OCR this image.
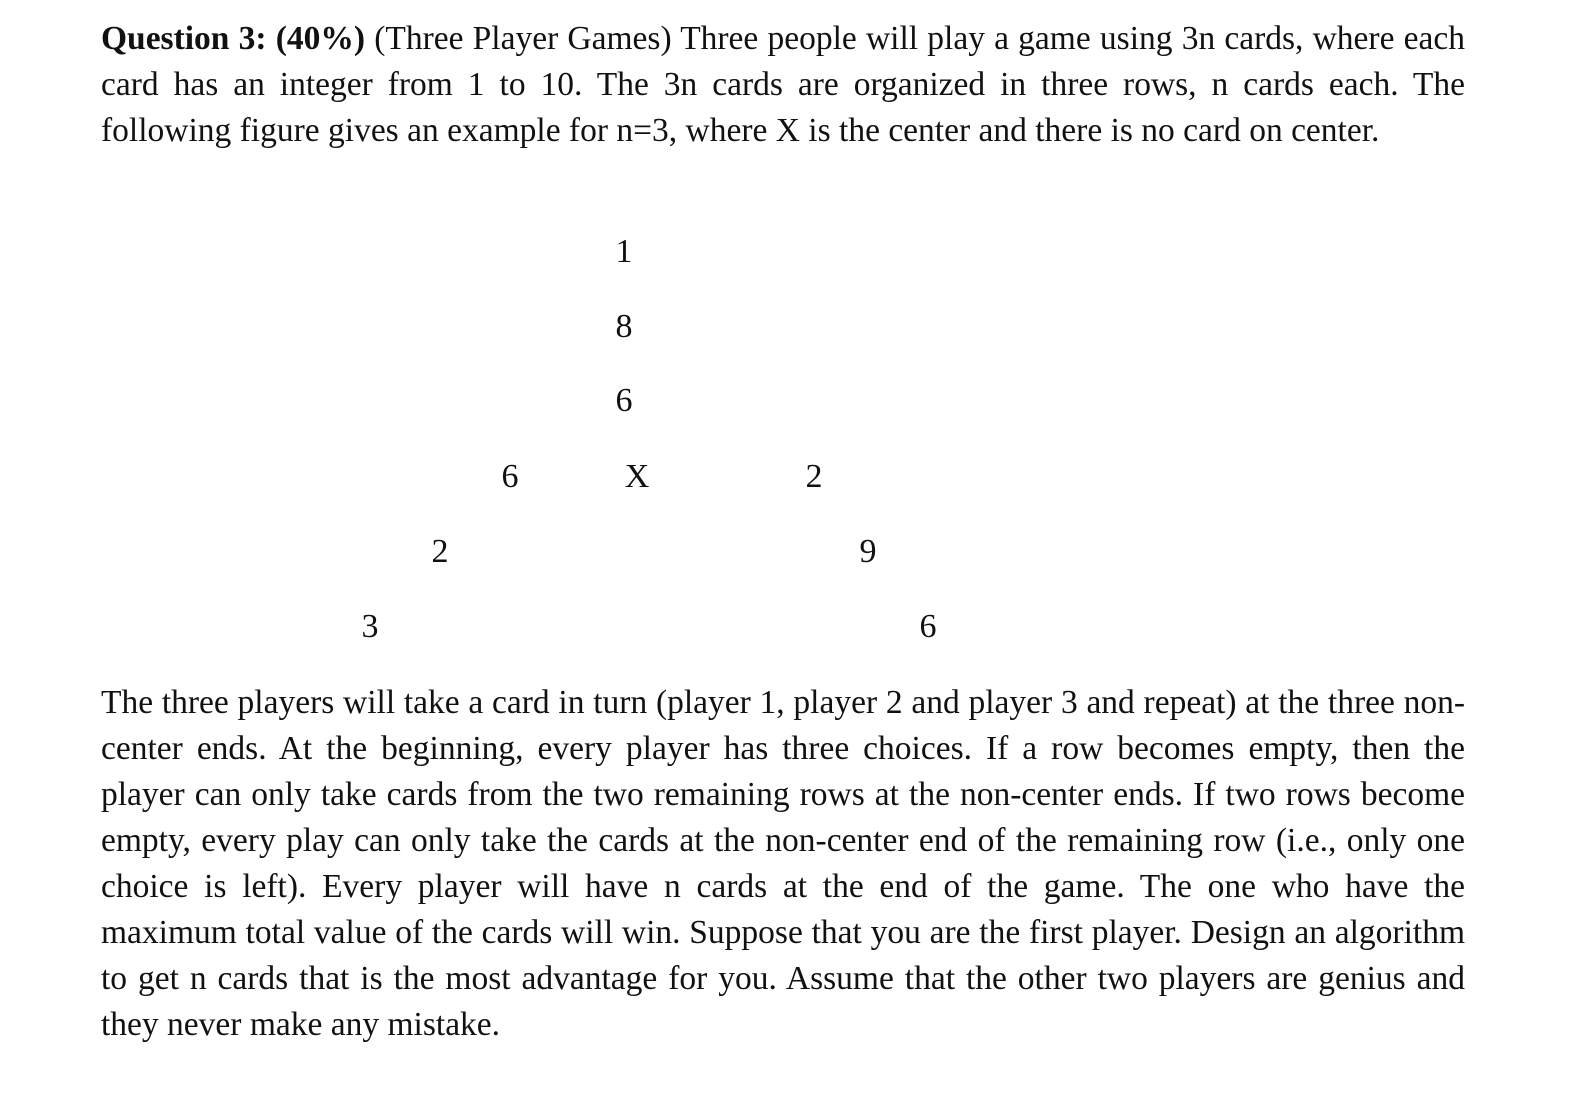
Question 3: (40%) (Three Player Games) Three people will play a game using 3n cards, where each card has an integer from 1 to 10. The 3n cards are organized in three rows, n cards each. The following figure gives an example for n=3, where X is the center and there is no card on center.

1
8
6
X
3
2
6	2
9
6

The three players will take a card in turn (player 1, player 2 and player 3 and repeat) at the three non-center ends. At the beginning, every player has three choices. If a row becomes empty, then the player can only take cards from the two remaining rows at the non-center ends. If two rows become empty, every play can only take the cards at the non-center end of the remaining row (i.e., only one choice is left). Every player will have n cards at the end of the game. The one who have the maximum total value of the cards will win. Suppose that you are the first player. Design an algorithm to get n cards that is the most advantage for you. Assume that the other two players are genius and they never make any mistake.
